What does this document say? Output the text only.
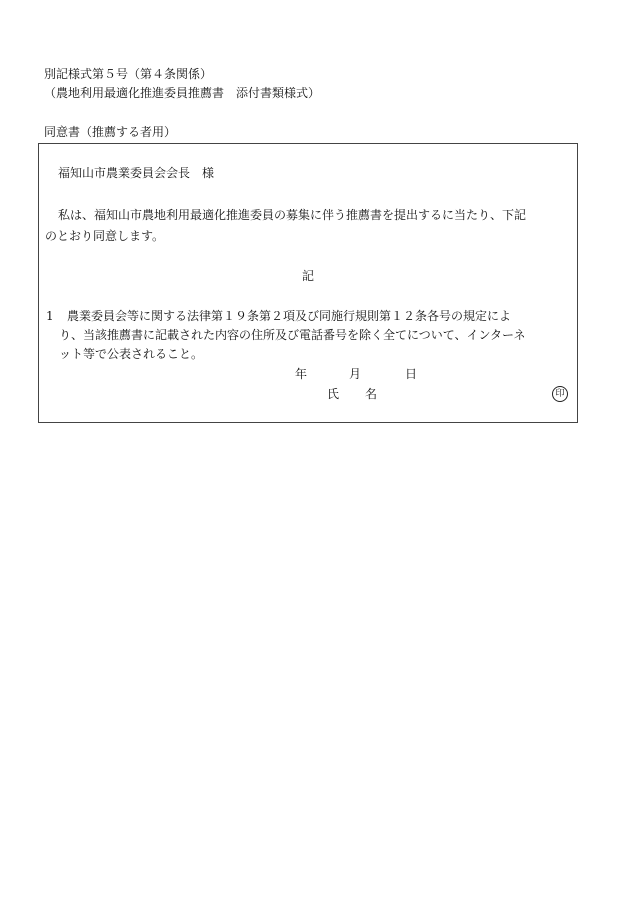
別記様式第５号（第４条関係）
（農地利用最適化推進委員推薦書　添付書類様式）
同意書（推薦する者用）
福知山市農業委員会会長　様
私は、福知山市農地利用最適化推進委員の募集に伴う推薦書を提出するに当たり、下記
のとおり同意します。
記
1 農業委員会等に関する法律第１９条第２項及び同施行規則第１２条各号の規定によ
り、当該推薦書に記載された内容の住所及び電話番号を除く全てについて、インターネ
ット等で公表されること。
年	月	日
氏 名	印
